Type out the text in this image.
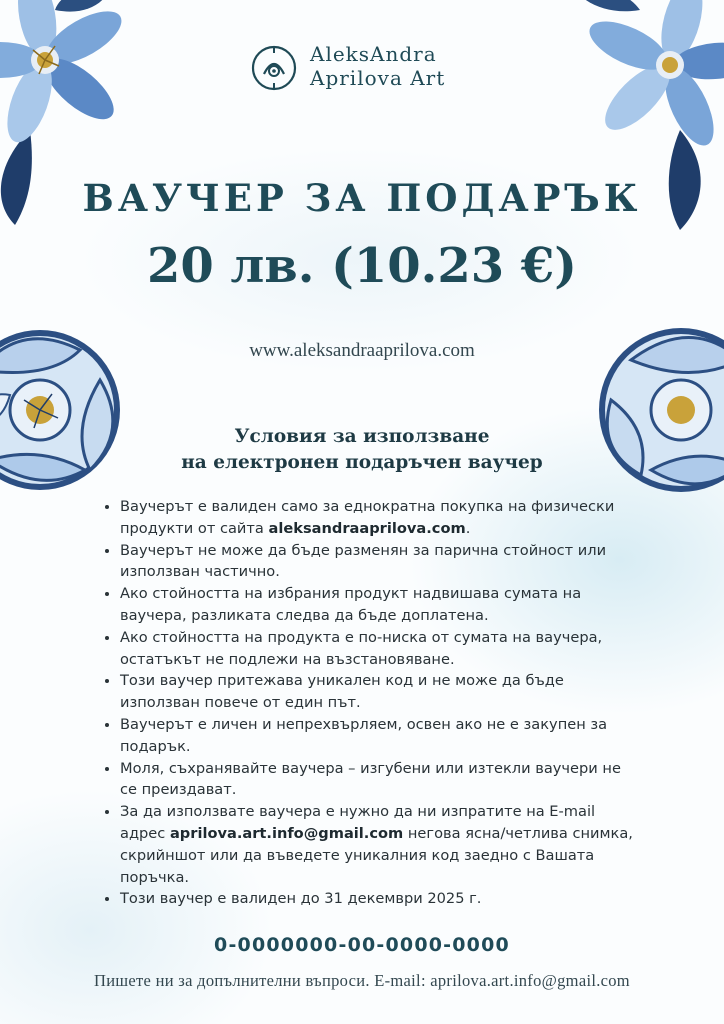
AleksAndra
Aprilova Art
ВАУЧЕР ЗА ПОДАРЪК
20 лв. (10.23 €)
www.aleksandraaprilova.com
Условия за използване
на електронен подаръчен ваучер
• Ваучерът е валиден само за еднократна покупка на физически продукти от сайта aleksandraaprilova.com.
• Ваучерът не може да бъде разменян за парична стойност или използван частично.
• Ако стойността на избрания продукт надвишава сумата на ваучера, разликата следва да бъде доплатена.
• Ако стойността на продукта е по-ниска от сумата на ваучера, остатъкът не подлежи на възстановяване.
• Този ваучер притежава уникален код и не може да бъде използван повече от един път.
• Ваучерът е личен и непрехвърляем, освен ако не е закупен за подарък.
• Моля, съхранявайте ваучера – изгубени или изтекли ваучери не се преиздават.
• За да използвате ваучера е нужно да ни изпратите на E-mail адрес aprilova.art.info@gmail.com негова ясна/четлива снимка, скрийншот или да въведете уникалния код заедно с Вашата поръчка.
• Този ваучер е валиден до 31 декември 2025 г.
0-0000000-00-0000-0000
Пишете ни за допълнителни въпроси. E-mail: aprilova.art.info@gmail.com
